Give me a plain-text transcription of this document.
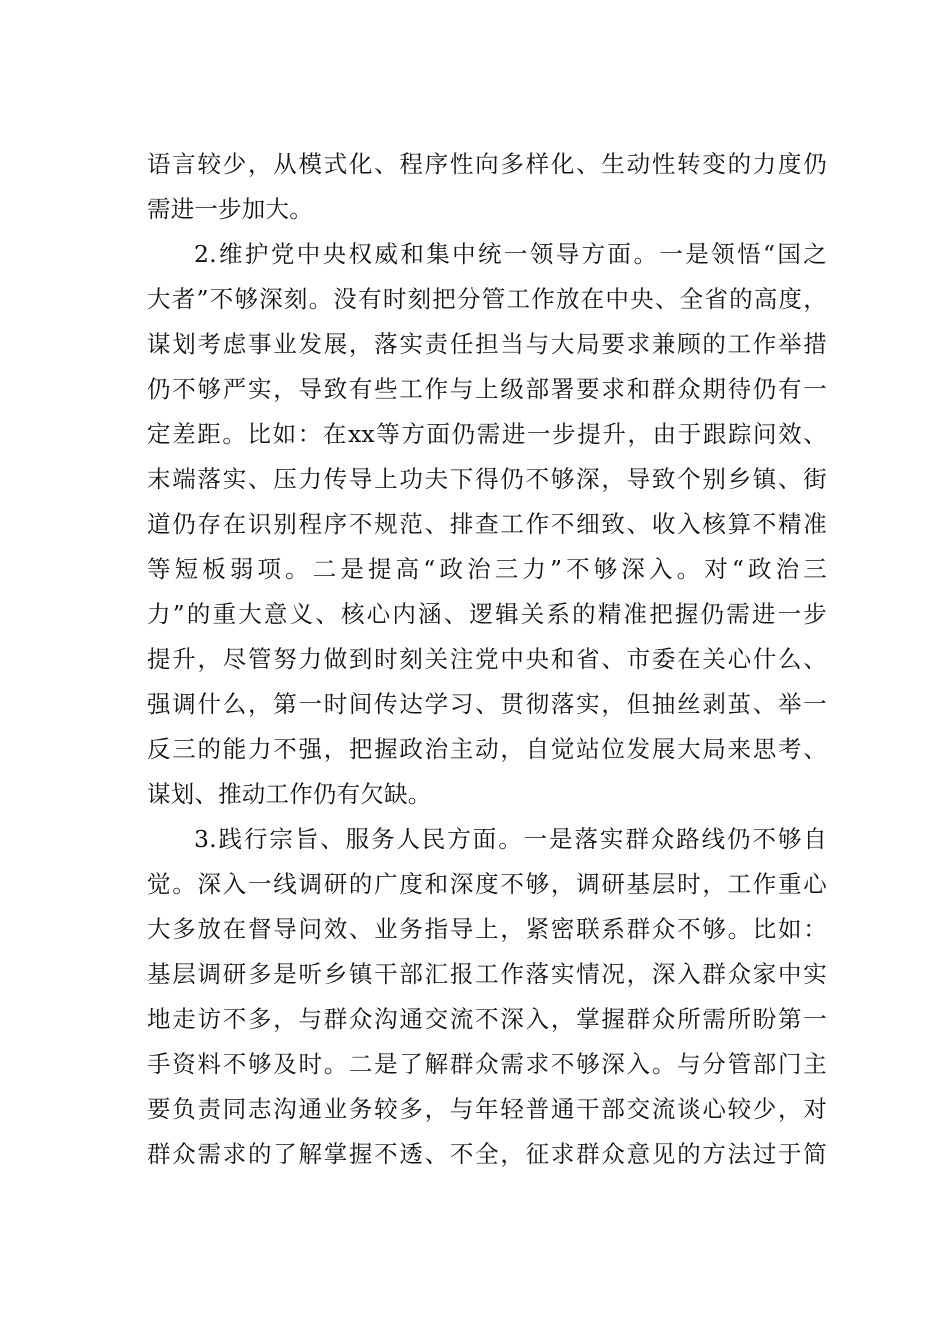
语言较少，从模式化、程序性向多样化、生动性转变的力度仍
需进一步加大。
2.维护党中央权威和集中统一领导方面。一是领悟“国之
大者”不够深刻。没有时刻把分管工作放在中央、全省的高度，
谋划考虑事业发展，落实责任担当与大局要求兼顾的工作举措
仍不够严实，导致有些工作与上级部署要求和群众期待仍有一
定差距。比如：在xx等方面仍需进一步提升，由于跟踪问效、
末端落实、压力传导上功夫下得仍不够深，导致个别乡镇、街
道仍存在识别程序不规范、排查工作不细致、收入核算不精准
等短板弱项。二是提高“政治三力”不够深入。对“政治三
力”的重大意义、核心内涵、逻辑关系的精准把握仍需进一步
提升，尽管努力做到时刻关注党中央和省、市委在关心什么、
强调什么，第一时间传达学习、贯彻落实，但抽丝剥茧、举一
反三的能力不强，把握政治主动，自觉站位发展大局来思考、
谋划、推动工作仍有欠缺。
3.践行宗旨、服务人民方面。一是落实群众路线仍不够自
觉。深入一线调研的广度和深度不够，调研基层时，工作重心
大多放在督导问效、业务指导上，紧密联系群众不够。比如：
基层调研多是听乡镇干部汇报工作落实情况，深入群众家中实
地走访不多，与群众沟通交流不深入，掌握群众所需所盼第一
手资料不够及时。二是了解群众需求不够深入。与分管部门主
要负责同志沟通业务较多，与年轻普通干部交流谈心较少，对
群众需求的了解掌握不透、不全，征求群众意见的方法过于简
